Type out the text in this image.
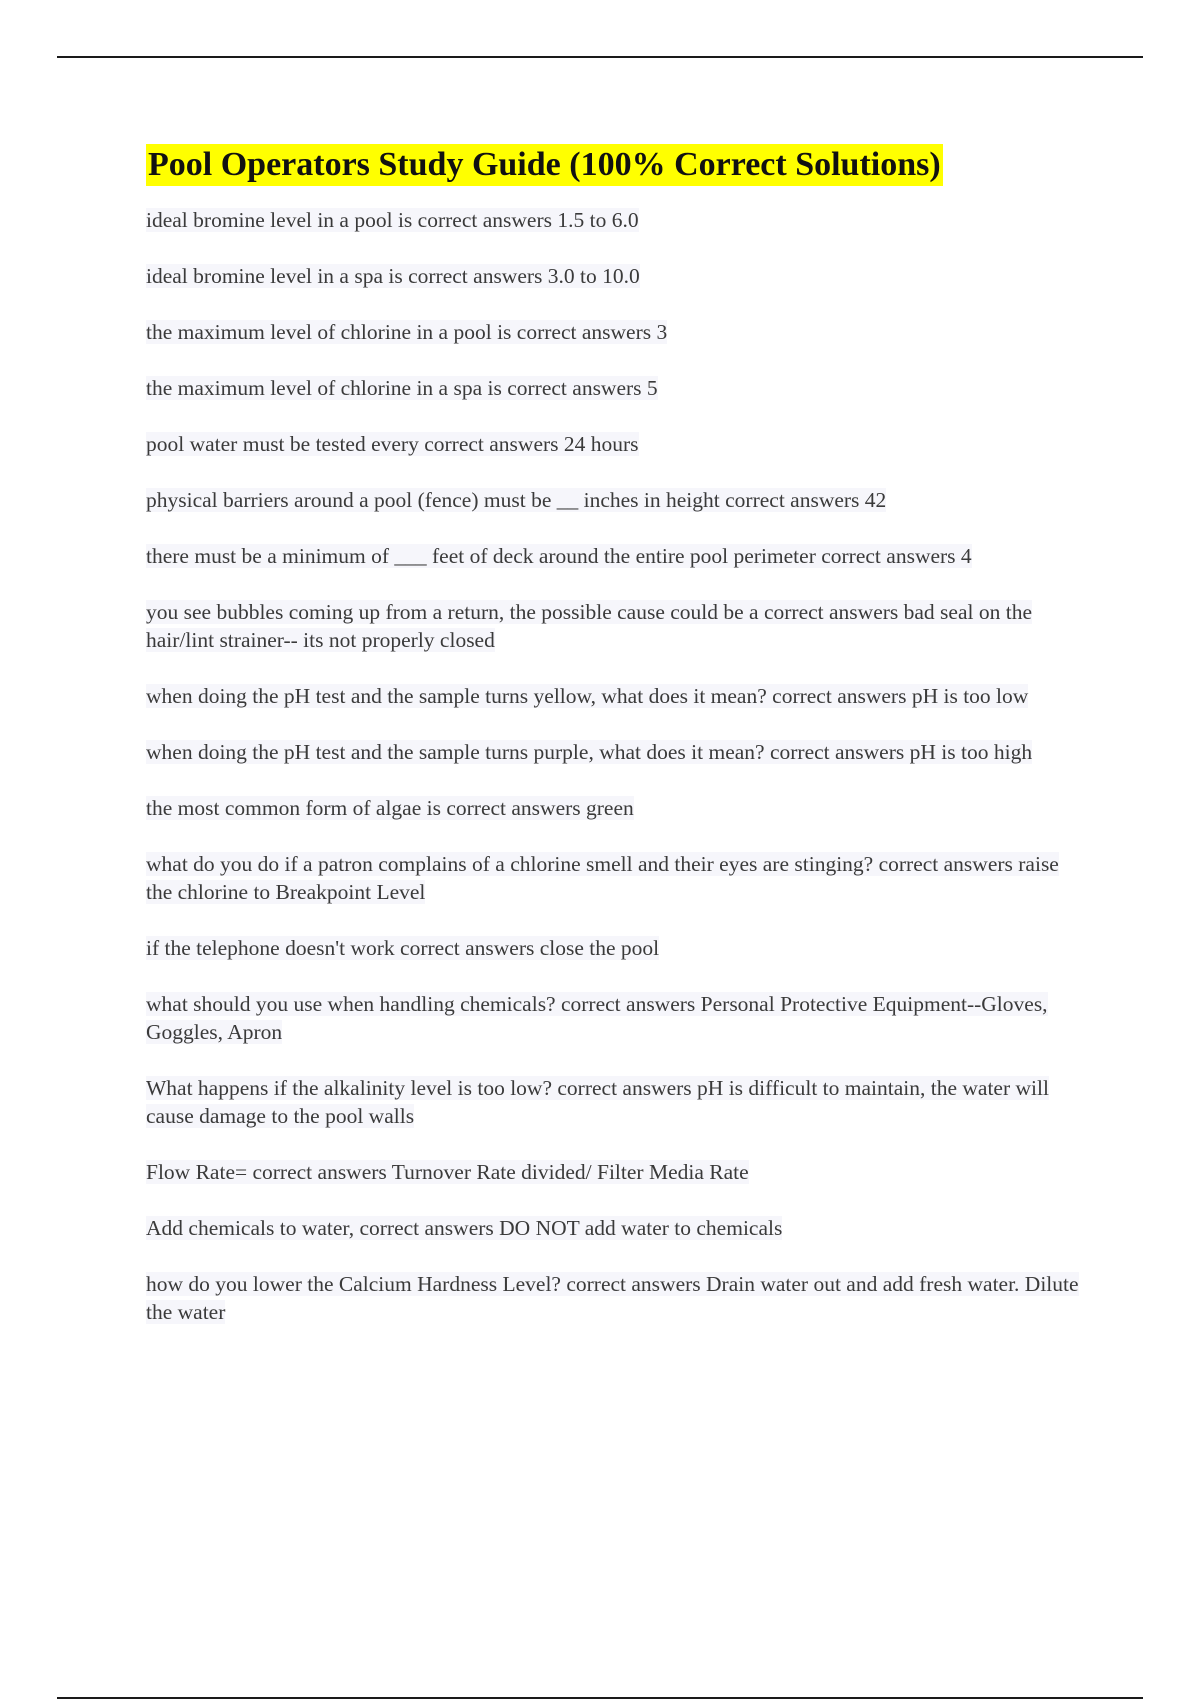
Pool Operators Study Guide (100% Correct Solutions)
ideal bromine level in a pool is correct answers 1.5 to 6.0
ideal bromine level in a spa is correct answers 3.0 to 10.0
the maximum level of chlorine in a pool is correct answers 3
the maximum level of chlorine in a spa is correct answers 5
pool water must be tested every correct answers 24 hours
physical barriers around a pool (fence) must be __ inches in height correct answers 42
there must be a minimum of ___ feet of deck around the entire pool perimeter correct answers 4
you see bubbles coming up from a return, the possible cause could be a correct answers bad seal on the hair/lint strainer-- its not properly closed
when doing the pH test and the sample turns yellow, what does it mean? correct answers pH is too low
when doing the pH test and the sample turns purple, what does it mean? correct answers pH is too high
the most common form of algae is correct answers green
what do you do if a patron complains of a chlorine smell and their eyes are stinging? correct answers raise the chlorine to Breakpoint Level
if the telephone doesn't work correct answers close the pool
what should you use when handling chemicals? correct answers Personal Protective Equipment--Gloves, Goggles, Apron
What happens if the alkalinity level is too low? correct answers pH is difficult to maintain, the water will cause damage to the pool walls
Flow Rate= correct answers Turnover Rate divided/ Filter Media Rate
Add chemicals to water, correct answers DO NOT add water to chemicals
how do you lower the Calcium Hardness Level? correct answers Drain water out and add fresh water. Dilute the water
